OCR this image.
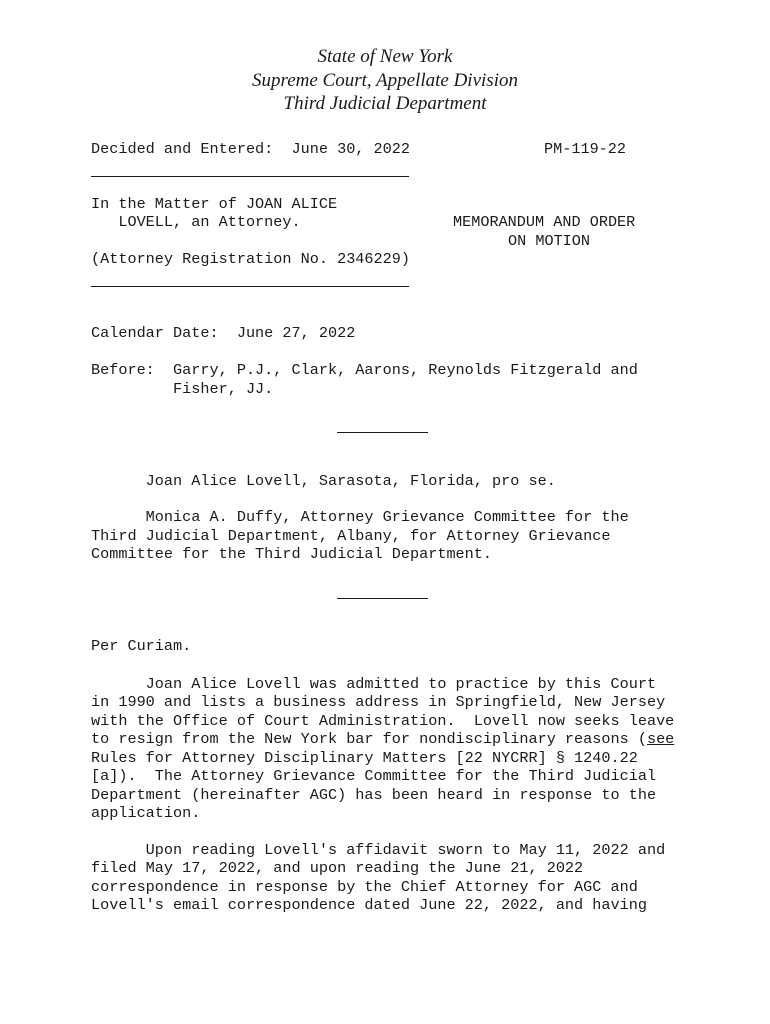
State of New York
Supreme Court, Appellate Division
Third Judicial Department
Decided and Entered:  June 30, 2022	PM-119-22
In the Matter of JOAN ALICE
LOVELL, an Attorney.
(Attorney Registration No. 2346229)
MEMORANDUM AND ORDER
ON MOTION
Calendar Date:  June 27, 2022
Before:  Garry, P.J., Clark, Aarons, Reynolds Fitzgerald and
Fisher, JJ.
Joan Alice Lovell, Sarasota, Florida, pro se.
Monica A. Duffy, Attorney Grievance Committee for the
Third Judicial Department, Albany, for Attorney Grievance
Committee for the Third Judicial Department.
Per Curiam.
Joan Alice Lovell was admitted to practice by this Court
in 1990 and lists a business address in Springfield, New Jersey
with the Office of Court Administration.  Lovell now seeks leave
to resign from the New York bar for nondisciplinary reasons (see
Rules for Attorney Disciplinary Matters [22 NYCRR] § 1240.22
[a]).  The Attorney Grievance Committee for the Third Judicial
Department (hereinafter AGC) has been heard in response to the
application.
Upon reading Lovell's affidavit sworn to May 11, 2022 and
filed May 17, 2022, and upon reading the June 21, 2022
correspondence in response by the Chief Attorney for AGC and
Lovell's email correspondence dated June 22, 2022, and having
